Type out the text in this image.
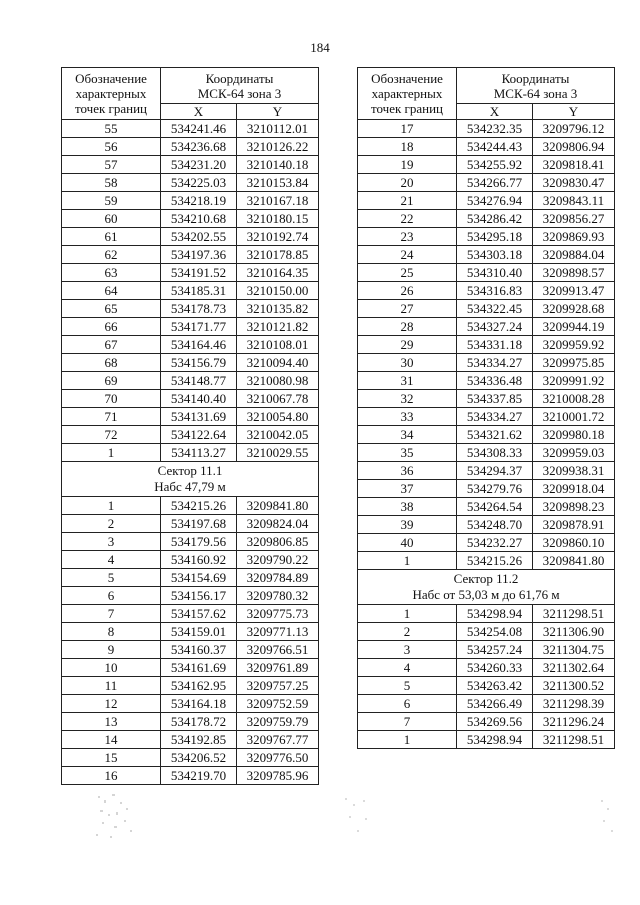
184
Обозначение
характерных
точек границ	Координаты
МСК-64 зона 3	
	X	Y
55	534241.46	3210112.01
56	534236.68	3210126.22
57	534231.20	3210140.18
58	534225.03	3210153.84
59	534218.19	3210167.18
60	534210.68	3210180.15
61	534202.55	3210192.74
62	534197.36	3210178.85
63	534191.52	3210164.35
64	534185.31	3210150.00
65	534178.73	3210135.82
66	534171.77	3210121.82
67	534164.46	3210108.01
68	534156.79	3210094.40
69	534148.77	3210080.98
70	534140.40	3210067.78
71	534131.69	3210054.80
72	534122.64	3210042.05
1	534113.27	3210029.55
Сектор 11.1
Набс 47,79 м		
1	534215.26	3209841.80
2	534197.68	3209824.04
3	534179.56	3209806.85
4	534160.92	3209790.22
5	534154.69	3209784.89
6	534156.17	3209780.32
7	534157.62	3209775.73
8	534159.01	3209771.13
9	534160.37	3209766.51
10	534161.69	3209761.89
11	534162.95	3209757.25
12	534164.18	3209752.59
13	534178.72	3209759.79
14	534192.85	3209767.77
15	534206.52	3209776.50
16	534219.70	3209785.96
Обозначение
характерных
точек границ	Координаты
МСК-64 зона 3	
	X	Y
17	534232.35	3209796.12
18	534244.43	3209806.94
19	534255.92	3209818.41
20	534266.77	3209830.47
21	534276.94	3209843.11
22	534286.42	3209856.27
23	534295.18	3209869.93
24	534303.18	3209884.04
25	534310.40	3209898.57
26	534316.83	3209913.47
27	534322.45	3209928.68
28	534327.24	3209944.19
29	534331.18	3209959.92
30	534334.27	3209975.85
31	534336.48	3209991.92
32	534337.85	3210008.28
33	534334.27	3210001.72
34	534321.62	3209980.18
35	534308.33	3209959.03
36	534294.37	3209938.31
37	534279.76	3209918.04
38	534264.54	3209898.23
39	534248.70	3209878.91
40	534232.27	3209860.10
1	534215.26	3209841.80
Сектор 11.2
Набс от 53,03 м до 61,76 м		
1	534298.94	3211298.51
2	534254.08	3211306.90
3	534257.24	3211304.75
4	534260.33	3211302.64
5	534263.42	3211300.52
6	534266.49	3211298.39
7	534269.56	3211296.24
1	534298.94	3211298.51
